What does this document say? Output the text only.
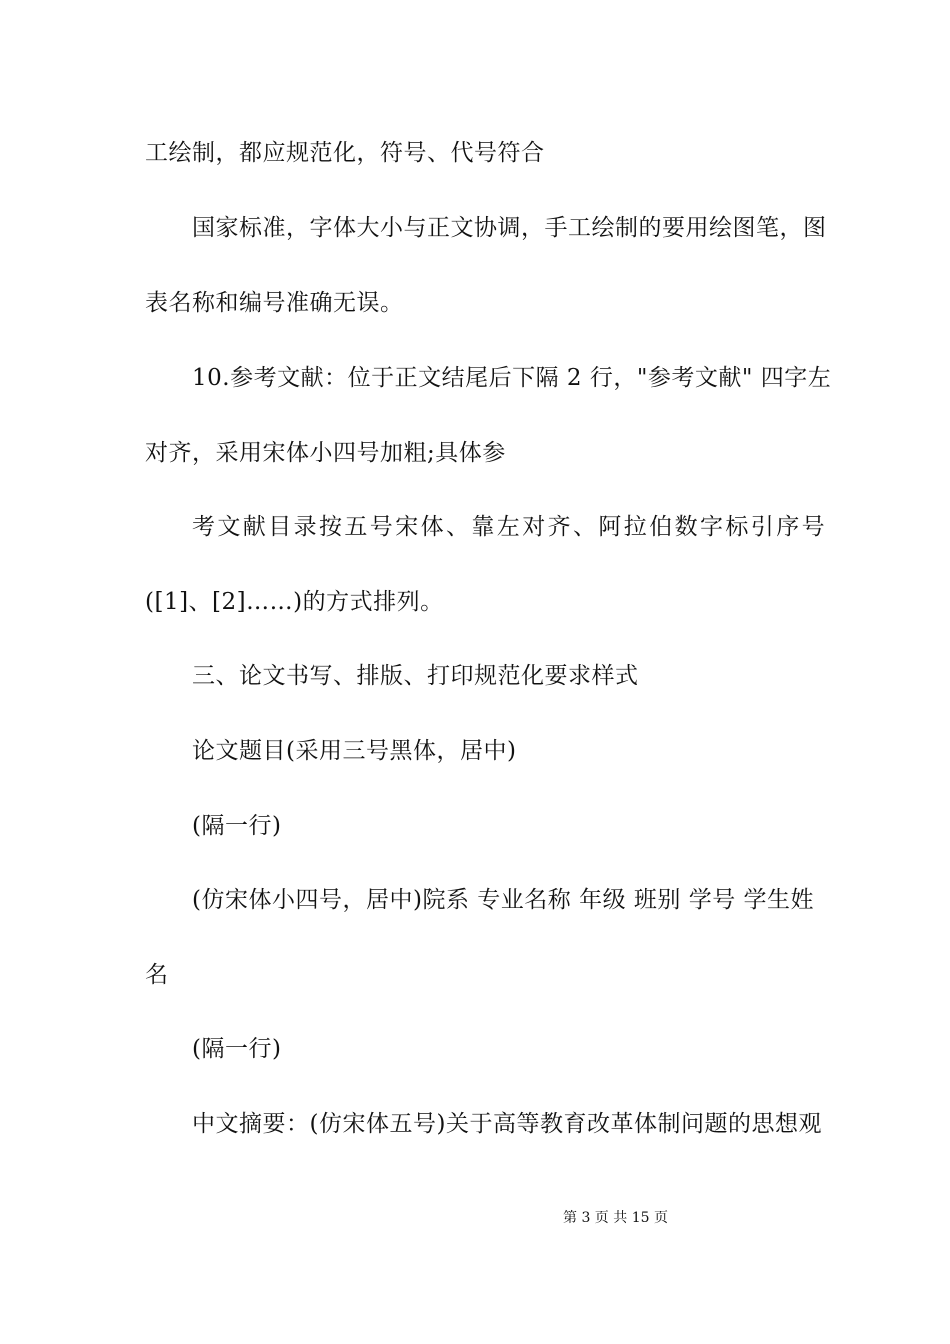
工绘制，都应规范化，符号、代号符合
国家标准，字体大小与正文协调，手工绘制的要用绘图笔，图
表名称和编号准确无误。
10.参考文献：位于正文结尾后下隔 2 行，"参考文献" 四字左
对齐，采用宋体小四号加粗;具体参
考文献目录按五号宋体、靠左对齐、阿拉伯数字标引序号
([1]、[2]……)的方式排列。
三、论文书写、排版、打印规范化要求样式
论文题目(采用三号黑体，居中)
(隔一行)
(仿宋体小四号，居中)院系 专业名称 年级 班别 学号 学生姓
名
(隔一行)
中文摘要：(仿宋体五号)关于高等教育改革体制问题的思想观
第 3 页 共 15 页
